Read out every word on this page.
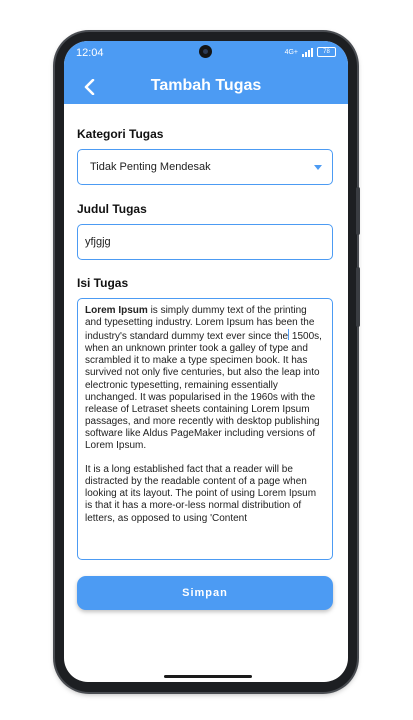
12:04	4G+	78
Tambah Tugas
Kategori Tugas
Tidak Penting Mendesak
Judul Tugas
yfjgjg
Isi Tugas

Lorem Ipsum is simply dummy text of the printing and typesetting industry. Lorem Ipsum has been the industry's standard dummy text ever since the 1500s, when an unknown printer took a galley of type and scrambled it to make a type specimen book. It has survived not only five centuries, but also the leap into electronic typesetting, remaining essentially unchanged. It was popularised in the 1960s with the release of Letraset sheets containing Lorem Ipsum passages, and more recently with desktop publishing software like Aldus PageMaker including versions of Lorem Ipsum.

It is a long established fact that a reader will be distracted by the readable content of a page when looking at its layout. The point of using Lorem Ipsum is that it has a more-or-less normal distribution of letters, as opposed to using 'Content

Simpan
